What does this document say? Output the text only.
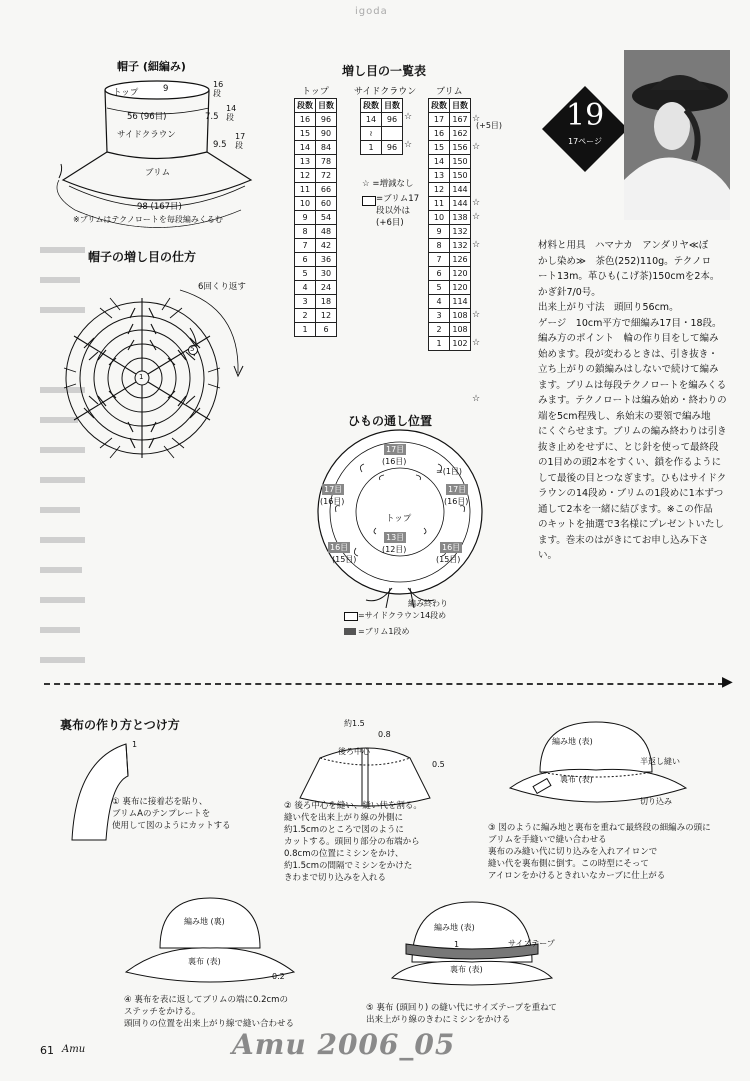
igoda
帽子 (細編み)
トップ	9	16段
56 (96目)	7.5
14段
サイドクラウン
9.5
17段
ブリム
98 (167目)
※ブリムはテクノロートを毎段編みくるむ
帽子の増し目の仕方
6回くり返す
5
1
増し目の一覧表
トップ	サイドクラウン ブリム
段数	目数
16	96
15	90
14	84
13	78
12	72
11	66
10	60
9	54
8	48
7	42
6	36
5	30
4	24
3	18
2	12
1	6
段数	目数
14	96
≀	
1	96
段数	目数
17	167
16	162
15	156
14	150
13	150
12	144
11	144
10	138
9	132
8	132
7	126
6	120
5	120
4	114
3	108
2	108
1	102
(+5目)
☆
☆
☆
☆
☆
☆
☆
☆
☆
☆
☆ =増減なし
=ブリム17
段以外は
(+6目)
19
17ページ
ひもの通し位置
17目
(16目)
=(1目)
17目
(16目)
17目
(16目)
トップ
13目
(12目)
16目
(15目)
16目
(15目)
編み終わり
=サイドクラウン14段め
=ブリム1段め
材料と用具　ハマナカ　アンダリヤ≪ぼ
かし染め≫　茶色(252)110g。テクノロ
ート13m。革ひも(こげ茶)150cmを2本。
かぎ針7/0号。
出来上がり寸法　頭回り56cm。
ゲージ　10cm平方で細編み17目・18段。
編み方のポイント　輪の作り目をして編み
始めます。段が変わるときは、引き抜き・
立ち上がりの鎖編みはしないで続けて編み
ます。ブリムは毎段テクノロートを編みくる
みます。テクノロートは編み始め・終わりの
端を5cm程残し、糸始末の要領で編み地
にくぐらせます。ブリムの編み終わりは引き
抜き止めをせずに、とじ針を使って最終段
の1目めの頭2本をすくい、鎖を作るように
して最後の目とつなぎます。ひもはサイドク
ラウンの14段め・ブリムの1段めに1本ずつ
通して2本を一緒に結びます。※この作品
のキットを抽選で3名様にプレゼントいたし
ます。巻末のはがきにてお申し込み下さ
い。
▶
裏布の作り方とつけ方
1
① 裏布に接着芯を貼り、
ブリムAのテンプレートを
使用して図のようにカットする
約1.5
0.8
後ろ中心
0.5
② 後ろ中心を縫い、縫い代を割る。
縫い代を出来上がり線の外側に
約1.5cmのところで図のように
カットする。頭回り部分の布端から
0.8cmの位置にミシンをかけ、
約1.5cmの間隔でミシンをかけた
きわまで切り込みを入れる
編み地 (表)
半返し縫い
裏布 (表)
切り込み
③ 図のように編み地と裏布を重ねて最終段の細編みの頭に
ブリムを手縫いで縫い合わせる
裏布のみ縫い代に切り込みを入れアイロンで
縫い代を裏布側に倒す。この時型にそって
アイロンをかけるときれいなカーブに仕上がる
編み地 (裏)
裏布 (表)
0.2
④ 裏布を表に返してブリムの端に0.2cmの
ステッチをかける。
頭回りの位置を出来上がり線で縫い合わせる
編み地 (表)
サイズテープ
1
裏布 (表)
⑤ 裏布 (頭回り) の縫い代にサイズテープを重ねて
出来上がり線のきわにミシンをかける
61 Amu	Amu 2006_05
